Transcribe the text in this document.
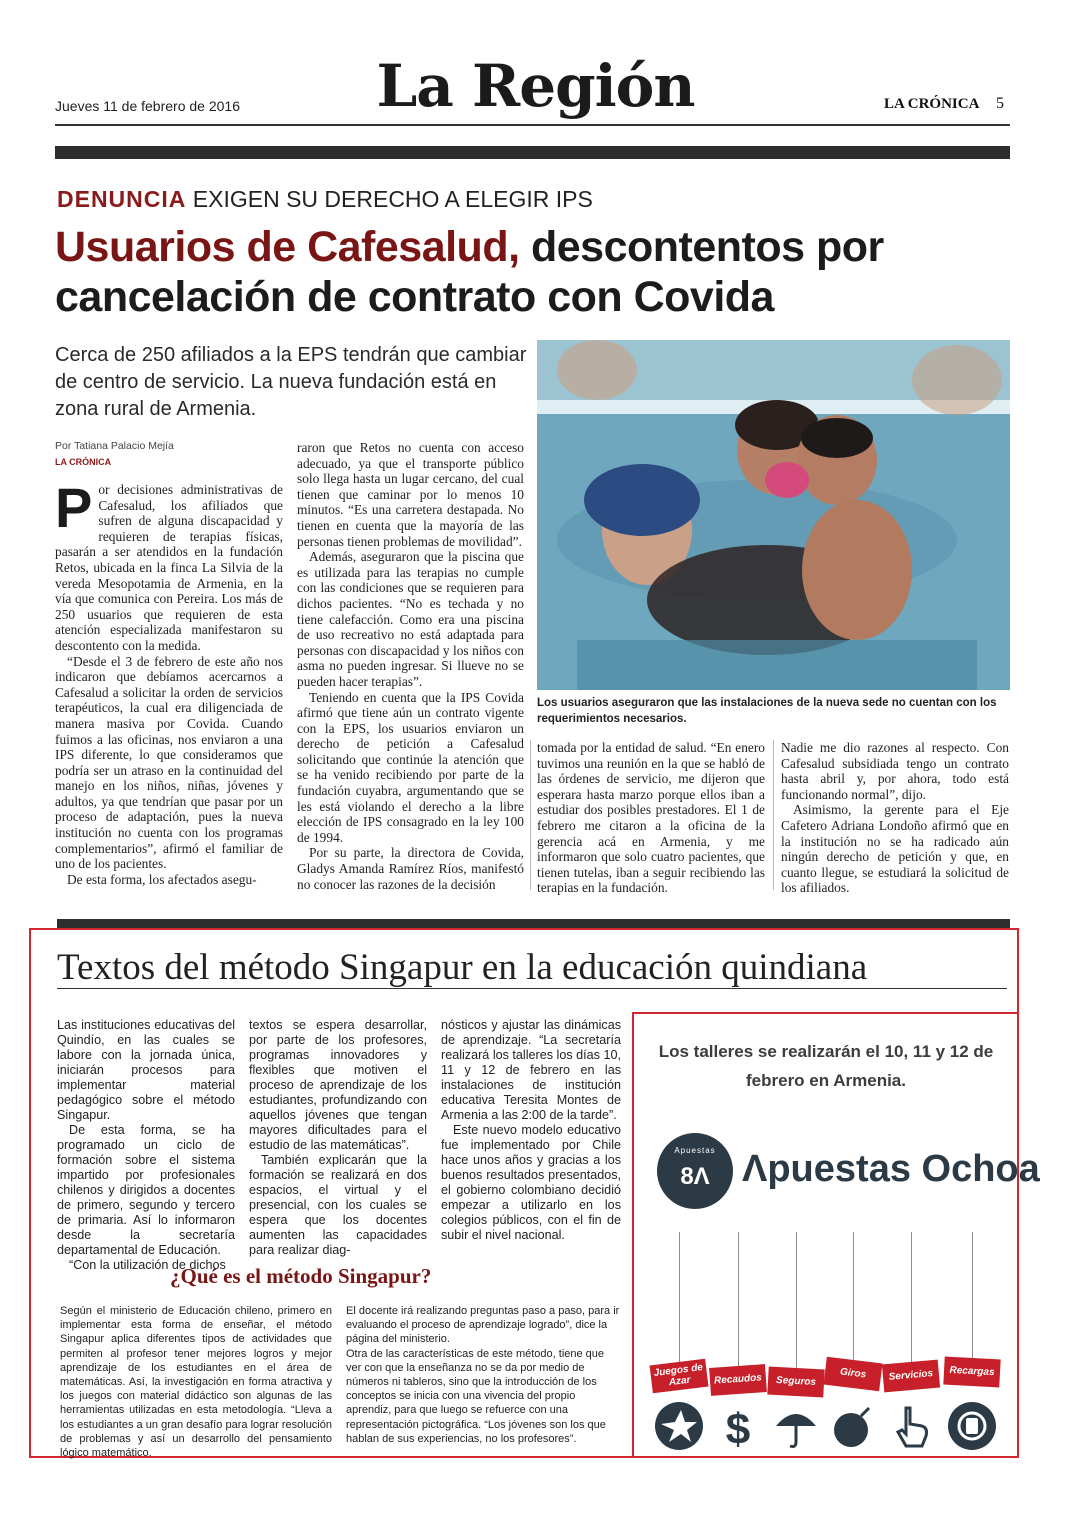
Jueves 11 de febrero de 2016	La Región	LA CRÓNICA 5
DENUNCIA EXIGEN SU DERECHO A ELEGIR IPS
Usuarios de Cafesalud, descontentos por cancelación de contrato con Covida
Cerca de 250 afiliados a la EPS tendrán que cambiar de centro de servicio. La nueva fundación está en zona rural de Armenia.
Por Tatiana Palacio Mejía
LA CRÓNICA
P or decisiones administrativas de Cafesalud, los afiliados que sufren de alguna discapacidad y requieren de terapias físicas, pasarán a ser atendidos en la fundación Retos, ubicada en la finca La Silvia de la vereda Mesopotamia de Armenia, en la vía que comunica con Pereira. Los más de 250 usuarios que requieren de esta atención especializada manifestaron su descontento con la medida.

“Desde el 3 de febrero de este año nos indicaron que debíamos acercarnos a Cafesalud a solicitar la orden de servicios terapéuticos, la cual era diligenciada de manera masiva por Covida. Cuando fuimos a las oficinas, nos enviaron a una IPS diferente, lo que consideramos que podría ser un atraso en la continuidad del manejo en los niños, niñas, jóvenes y adultos, ya que tendrían que pasar por un proceso de adaptación, pues la nueva institución no cuenta con los programas complementarios”, afirmó el familiar de uno de los pacientes.

De esta forma, los afectados asegu-

raron que Retos no cuenta con acceso adecuado, ya que el transporte público solo llega hasta un lugar cercano, del cual tienen que caminar por lo menos 10 minutos. “Es una carretera destapada. No tienen en cuenta que la mayoría de las personas tienen problemas de movilidad”.

Además, aseguraron que la piscina que es utilizada para las terapias no cumple con las condiciones que se requieren para dichos pacientes. “No es techada y no tiene calefacción. Como era una piscina de uso recreativo no está adaptada para personas con discapacidad y los niños con asma no pueden ingresar. Si llueve no se pueden hacer terapias”.

Teniendo en cuenta que la IPS Covida afirmó que tiene aún un contrato vigente con la EPS, los usuarios enviaron un derecho de petición a Cafesalud solicitando que continúe la atención que se ha venido recibiendo por parte de la fundación cuyabra, argumentando que se les está violando el derecho a la libre elección de IPS consagrado en la ley 100 de 1994.

Por su parte, la directora de Covida, Gladys Amanda Ramírez Ríos, manifestó no conocer las razones de la decisión

Los usuarios aseguraron que las instalaciones de la nueva sede no cuentan con los requerimientos necesarios.

tomada por la entidad de salud. “En enero tuvimos una reunión en la que se habló de las órdenes de servicio, me dijeron que esperara hasta marzo porque ellos iban a estudiar dos posibles prestadores. El 1 de febrero me citaron a la oficina de la gerencia acá en Armenia, y me informaron que solo cuatro pacientes, que tienen tutelas, iban a seguir recibiendo las terapias en la fundación.

Nadie me dio razones al respecto. Con Cafesalud subsidiada tengo un contrato hasta abril y, por ahora, todo está funcionando normal”, dijo.

Asimismo, la gerente para el Eje Cafetero Adriana Londoño afirmó que en la institución no se ha radicado aún ningún derecho de petición y que, en cuanto llegue, se estudiará la solicitud de los afiliados.

Textos del método Singapur en la educación quindiana

Las instituciones educativas del Quindío, en las cuales se labore con la jornada única, iniciarán procesos para implementar material pedagógico sobre el método Singapur.

De esta forma, se ha programado un ciclo de formación sobre el sistema impartido por profesionales chilenos y dirigidos a docentes de primero, segundo y tercero de primaria. Así lo informaron desde la secretaría departamental de Educación.

“Con la utilización de dichos

textos se espera desarrollar, por parte de los profesores, programas innovadores y flexibles que motiven el proceso de aprendizaje de los estudiantes, profundizando con aquellos jóvenes que tengan mayores dificultades para el estudio de las matemáticas”.

También explicarán que la formación se realizará en dos espacios, el virtual y el presencial, con los cuales se espera que los docentes aumenten las capacidades para realizar diag-

nósticos y ajustar las dinámicas de aprendizaje. “La secretaría realizará los talleres los días 10, 11 y 12 de febrero en las instalaciones de institución educativa Teresita Montes de Armenia a las 2:00 de la tarde”.

Este nuevo modelo educativo fue implementado por Chile hace unos años y gracias a los buenos resultados presentados, el gobierno colombiano decidió empezar a utilizarlo en los colegios públicos, con el fin de subir el nivel nacional.

¿Qué es el método Singapur?

Según el ministerio de Educación chileno, primero en implementar esta forma de enseñar, el método Singapur aplica diferentes tipos de actividades que permiten al profesor tener mejores logros y mejor aprendizaje de los estudiantes en el área de matemáticas. Así, la investigación en forma atractiva y los juegos con material didáctico son algunas de las herramientas utilizadas en esta metodología. “Lleva a los estudiantes a un gran desafío para lograr resolución de problemas y así un desarrollo del pensamiento lógico matemático.

El docente irá realizando preguntas paso a paso, para ir evaluando el proceso de aprendizaje logrado”, dice la página del ministerio.

Otra de las características de este método, tiene que ver con que la enseñanza no se da por medio de números ni tableros, sino que la introducción de los conceptos se inicia con una vivencia del propio aprendiz, para que luego se refuerce con una representación pictográfica. “Los jóvenes son los que hablan de sus experiencias, no los profesores”.

Los talleres se realizarán el 10, 11 y 12 de febrero en Armenia.
Apuestas
8Λ Λpuestas Ochoa
Juegos de Azar	Recaudos	Seguros
Giros	Servicios	Recargas
$
